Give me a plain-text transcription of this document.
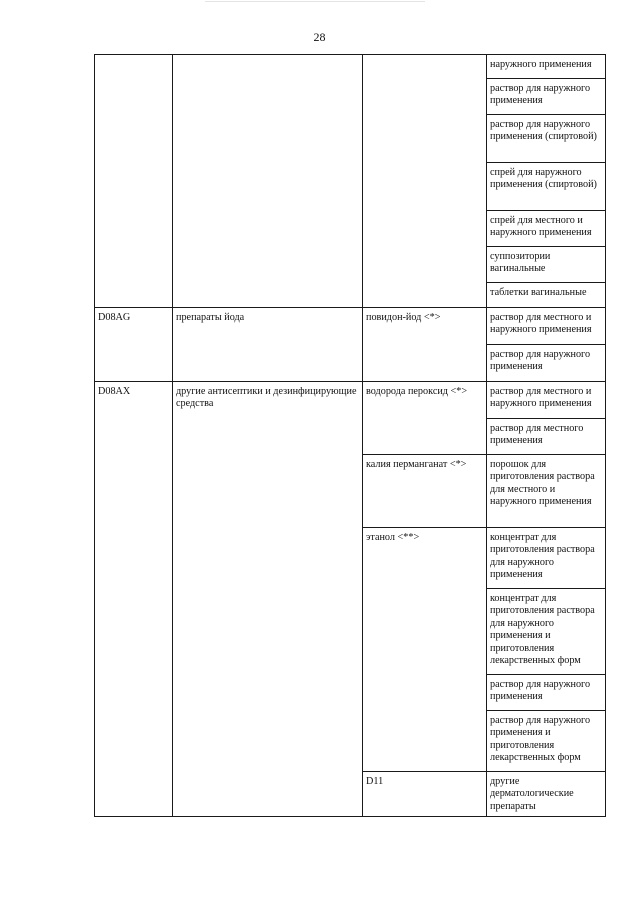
28
			наружного применения	
			раствор для наружного применения	
			раствор для наружного применения (спиртовой)	
			спрей для наружного применения (спиртовой)	
			спрей для местного и наружного применения	
			суппозитории вагинальные	
			таблетки вагинальные	
D08AG	препараты йода	повидон-йод <*>	раствор для местного и наружного применения	
			раствор для наружного применения	
D08AX	другие антисептики и дезинфицирующие средства	водорода пероксид <*>	раствор для местного и наружного применения	
			раствор для местного применения	
		калия перманганат <*>	порошок для приготовления раствора для местного и наружного применения	
		этанол <**>	концентрат для приготовления раствора для наружного применения	
			концентрат для приготовления раствора для наружного применения и приготовления лекарственных форм	
			раствор для наружного применения	
			раствор для наружного применения и приготовления лекарственных форм	
		D11	другие дерматологические препараты		
